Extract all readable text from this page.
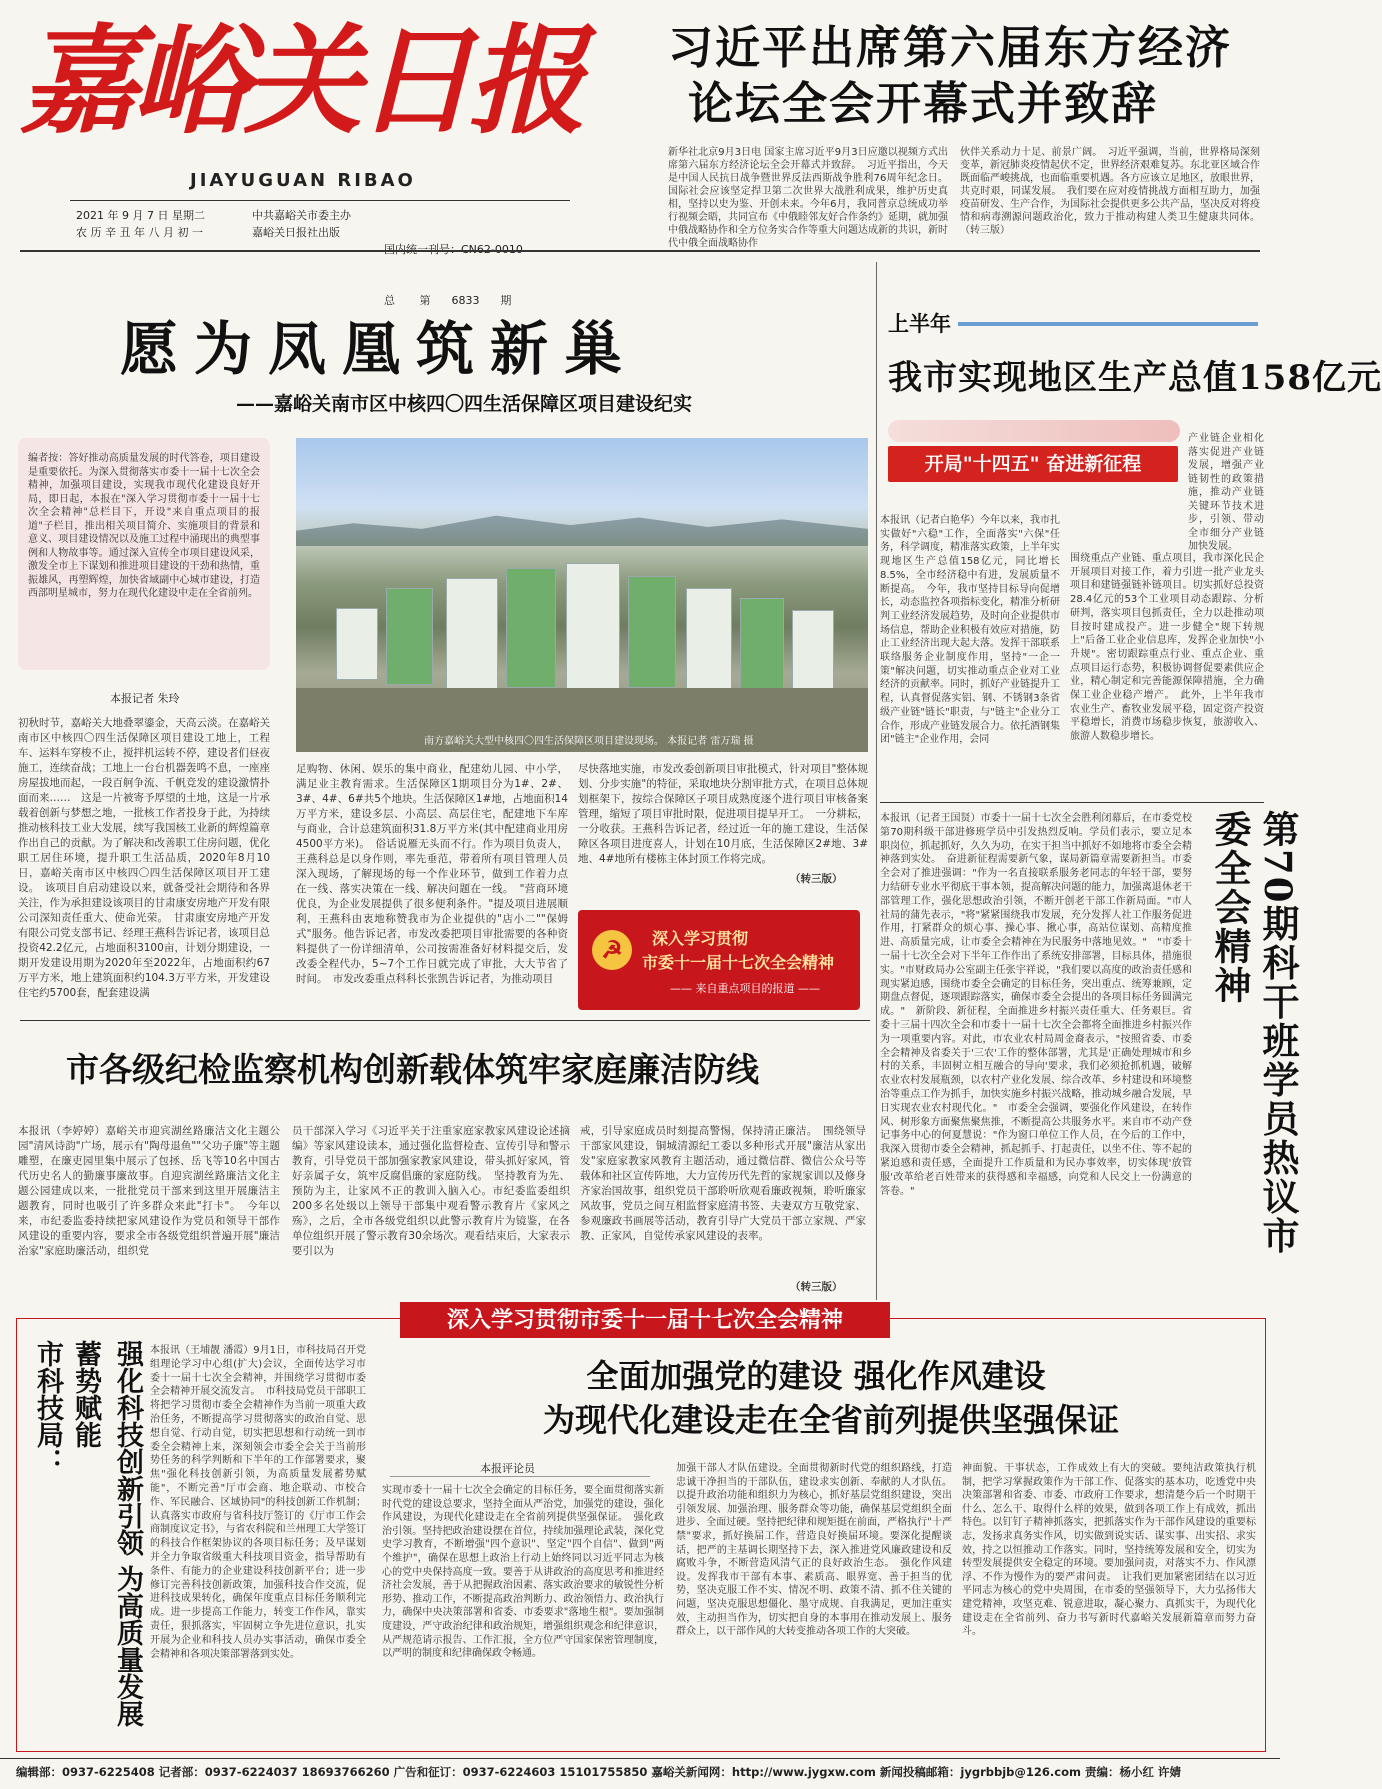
嘉峪关日报
JIAYUGUAN RIBAO
2021 年 9 月 7 日 星期二
农 历 辛 丑 年 八 月 初 一
中共嘉峪关市委主办
嘉峪关日报社出版

总       第      6833      期

习近平出席第六届东方经济
论坛全会开幕式并致辞
新华社北京9月3日电 国家主席习近平9月3日应邀以视频方式出席第六届东方经济论坛全会开幕式并致辞。　习近平指出，今天是中国人民抗日战争暨世界反法西斯战争胜利76周年纪念日。国际社会应该坚定捍卫第二次世界大战胜利成果，维护历史真相，坚持以史为鉴、开创未来。今年6月，我同普京总统成功举行视频会晤，共同宣布《中俄睦邻友好合作条约》延期，就加强中俄战略协作和全方位务实合作等重大问题达成新的共识，新时代中俄全面战略协作
伙伴关系动力十足、前景广阔。　习近平强调，当前，世界格局深刻变革，新冠肺炎疫情起伏不定，世界经济艰难复苏。东北亚区域合作既面临严峻挑战，也面临重要机遇。各方应该立足地区，放眼世界，共克时艰，同谋发展。　我们要在应对疫情挑战方面相互助力，加强疫苗研发、生产合作，为国际社会提供更多公共产品，坚决反对将疫情和病毒溯源问题政治化，致力于推动构建人类卫生健康共同体。（转三版）
愿为凤凰筑新巢
——嘉峪关南市区中核四〇四生活保障区项目建设纪实
编者按：答好推动高质量发展的时代答卷，项目建设是重要依托。为深入贯彻落实市委十一届十七次全会精神，加强项目建设，实现我市现代化建设良好开局，即日起，本报在"深入学习贯彻市委十一届十七次全会精神"总栏目下，开设"来自重点项目的报道"子栏目，推出相关项目简介、实施项目的背景和意义、项目建设情况以及施工过程中涌现出的典型事例和人物故事等。通过深入宣传全市项目建设风采，激发全市上下谋划和推进项目建设的干劲和热情，重振雄风，再塑辉煌，加快省域副中心城市建设，打造西部明星城市，努力在现代化建设中走在全省前列。
本报记者 朱玲
南方嘉峪关大型中核四〇四生活保障区项目建设现场。 本报记者 雷万瑞 摄
初秋时节，嘉峪关大地叠翠鎏金，天高云淡。在嘉峪关南市区中核四〇四生活保障区项目建设工地上，工程车、运料车穿梭不止，搅拌机运转不停，建设者们昼夜施工，连续奋战；工地上一台台机器轰鸣不息，一座座房屋拔地而起，一段百舸争流、千帆竞发的建设激情扑面而来……　这是一片被寄予厚望的土地，这是一片承载着创新与梦想之地，一批核工作者投身于此，为持续推动核科技工业大发展，续写我国核工业新的辉煌篇章作出自己的贡献。为了解决和改善职工住房问题，优化职工居住环境，提升职工生活品质，2020年8月10日，嘉峪关南市区中核四〇四生活保障区项目开工建设。　该项目自启动建设以来，就备受社会期待和各界关注，作为承担建设该项目的甘肃康安房地产开发有限公司深知责任重大、使命光荣。　甘肃康安房地产开发有限公司党支部书记、经理王燕科告诉记者，该项目总投资42.2亿元，占地面积3100亩，计划分期建设，一期开发建设用期为2020年至2022年，占地面积约67万平方米，地上建筑面积约104.3万平方米，开发建设住宅约5700套，配套建设满
足购物、休闲、娱乐的集中商业，配建幼儿园、中小学，满足业主教育需求。生活保障区1期项目分为1#、2#、3#、4#、6#共5个地块。生活保障区1#地，占地面积14万平方米，建设多层、小高层、高层住宅，配建地下车库与商业，合计总建筑面积31.8万平方米(其中配建商业用房4500平方米)。　俗话说雁无头而不行。作为项目负责人，王燕科总是以身作则，率先垂范，带着所有项目管理人员深入现场，了解现场的每一个作业环节，做到工作着力点在一线、落实决策在一线、解决问题在一线。　"营商环境优良，为企业发展提供了很多便利条件。"提及项目进展顺利，王燕科由衷地称赞我市为企业提供的"店小二""保姆式"服务。他告诉记者，市发改委把项目审批需要的各种资料提供了一份详细清单，公司按需准备好材料提交后，发改委全程代办，5~7个工作日就完成了审批，大大节省了时间。　市发改委重点科科长张凯告诉记者，为推动项目
尽快落地实施，市发改委创新项目审批模式，针对项目"整体规划、分步实施"的特征，采取地块分割审批方式，在项目总体规划框架下，按综合保障区子项目成熟度逐个进行项目审核备案管理，缩短了项目审批时限，促进项目提早开工。　一分耕耘，一分收获。王燕科告诉记者，经过近一年的施工建设，生活保障区各项目进度喜人，计划在10月底，生活保障区2#地、3#地、4#地所有楼栋主体封顶工作将完成。
（转三版）
☭	深入学习贯彻
市委十一届十七次全会精神
—— 来自重点项目的报道 ——
上半年
我市实现地区生产总值158亿元
开局"十四五" 奋进新征程
产业链企业相化落实促进产业链发展，增强产业链韧性的政策措施，推动产业链关键环节技术进步，引领、带动全市细分产业链加快发展。
本报讯（记者白艳华）今年以来，我市扎实做好"六稳"工作，全面落实"六保"任务，科学调度，精准落实政策，上半年实现地区生产总值158亿元，同比增长8.5%，全市经济稳中有进，发展质量不断提高。　今年，我市坚持目标导向促增长，动态监控各项指标变化，精准分析研判工业经济发展趋势，及时向企业提供市场信息，帮助企业积极有效应对措施，防止工业经济出现大起大落。发挥干部联系联络服务企业制度作用，坚持"一企一策"解决问题，切实推动重点企业对工业经济的贡献率。同时，抓好产业链提升工程，认真督促落实铝、钢、不锈钢3条省级产业链"链长"职责，与"链主"企业分工合作，形成产业链发展合力。依托酒钢集团"链主"企业作用，会同
围绕重点产业链、重点项目，我市深化民企开展项目对接工作，着力引进一批产业龙头项目和建链强链补链项目。切实抓好总投资28.4亿元的53个工业项目动态跟踪、分析研判，落实项目包抓责任，全力以赴推动项目按时建成投产。进一步健全"规下转规上"后备工业企业信息库，发挥企业加快"小升规"。密切跟踪重点行业、重点企业、重点项目运行态势，积极协调督促要素供应企业，精心制定和完善能源保障措施，全力确保工业企业稳产增产。　此外，上半年我市农业生产、畜牧业发展平稳，固定资产投资平稳增长，消费市场稳步恢复，旅游收入、旅游人数稳步增长。
第70期科干班学员热议市委全会精神
本报讯（记者王国贤）市委十一届十七次全会胜利闭幕后，在市委党校第70期科级干部进修班学员中引发热烈反响。学员们表示，要立足本职岗位，抓起抓好，久久为功，在实干担当中抓好不如地将市委全会精神落到实处。　奋进新征程需要新气象，谋局新篇章需要新担当。市委全会对了推进强调："作为一名直接联系服务老同志的年轻干部，要努力结研专业水平彻底干事本领，提高解决问题的能力，加强离退休老干部管理工作，强化思想政治引领，不断开创老干部工作新局面。"市人社局的蒲先表示，"将"紧紧围绕我市发展，充分发挥人社工作服务促进作用，打紧群众的烦心事、操心事、揪心事，高站位谋划、高精度推进、高质量完成，让市委全会精神在为民服务中落地见效。"　"市委十一届十七次全会对下半年工作作出了系统安排部署，目标具体，措施很实。"市财政局办公室副主任张宇祥说，"我们要以高度的政治责任感和现实紧迫感，围绕市委全会确定的目标任务，突出重点、统筹兼顾，定期盘点督促，逐项跟踪落实，确保市委全会提出的各项目标任务圆满完成。"　新阶段、新征程，全面推进乡村振兴责任重大、任务艰巨。省委十三届十四次全会和市委十一届十七次全会都将全面推进乡村振兴作为一项重要内容。对此，市农业农村局周金裔表示，"按照省委、市委全会精神及省委关于'三农'工作的整体部署，尤其是'正确处理城市和乡村的关系，丰固树立相互融合的导向'要求，我们必须抢抓机遇，破解农业农村发展瓶颈，以农村产业化发展、综合改革、乡村建设和环境整治等重点工作为抓手，加快实施乡村振兴战略，推动城乡融合发展，早日实现农业农村现代化。"　市委全会强调，要强化作风建设，在转作风、树形象方面聚焦聚焦推，不断提高公共服务水平。来自市不动产登记事务中心的何夏慧说："作为窗口单位工作人员，在今后的工作中，我深入贯彻市委全会精神，抓起抓手、打起责任，以坐不住、等不起的紧迫感和责任感，全面提升工作质量和为民办事效率，切实体现'放管服'改革给老百姓带来的获得感和幸福感，向党和人民交上一份满意的答卷。"
市各级纪检监察机构创新载体筑牢家庭廉洁防线
本报讯（李婷婷）嘉峪关市迎宾湖丝路廉洁文化主题公园"清风诗韵"广场，展示有"陶母退鱼""父功子廉"等主题雕塑，在廉吏园里集中展示了包拯、岳飞等10名中国古代历史名人的勤廉事廉故事。自迎宾湖丝路廉洁文化主题公园建成以来，一批批党员干部来到这里开展廉洁主题教育，同时也吸引了许多群众来此"打卡"。　今年以来，市纪委监委持续把家风建设作为党员和领导干部作风建设的重要内容，要求全市各级党组织普遍开展"廉洁治家"家庭助廉活动，组织党
员干部深入学习《习近平关于注重家庭家教家风建设论述摘编》等家风建设读本，通过强化监督检查、宣传引导和警示教育，引导党员干部加强家教家风建设，带头抓好家风，管好亲属子女，筑牢反腐倡廉的家庭防线。　坚持教育为先、预防为主，让家风不正的教训入脑入心。市纪委监委组织200多名处级以上领导干部集中观看警示教育片《家风之殇》，之后，全市各级党组织以此警示教育片为镜鉴，在各单位组织开展了警示教育30余场次。观看结束后，大家表示要引以为
戒，引导家庭成员时刻提高警惕，保持清正廉洁。　围绕领导干部家风建设，铜城清源纪工委以多种形式开展"廉洁从家出发"家庭家教家风教育主题活动，通过微信群、微信公众号等载体和社区宣传阵地，大力宣传历代先哲的家规家训以及修身齐家治国故事，组织党员干部聆听欣观看廉政视频，聆听廉家风故事，党员之间互相监督家庭清书签、夫妻双方互敬党家、参观廉政书画展等活动，教育引导广大党员干部立家规、严家教、正家风，自觉传承家风建设的表率。
（转三版）
深入学习贯彻市委十一届十七次全会精神
市科技局：	强化科技创新引领 为高质量发展蓄势赋能	本报讯（王埔靓 潘霞）9月1日，市科技局召开党组理论学习中心组(扩大)会议，全面传达学习市委十一届十七次全会精神，并围绕学习贯彻市委全会精神开展交流发言。　市科技局党员干部职工将把学习贯彻市委全会精神作为当前一项重大政治任务，不断提高学习贯彻落实的政治自觉、思想自觉、行动自觉，切实把思想和行动统一到市委全会精神上来，深刻领会市委全会关于当前形势任务的科学判断和下半年的工作部署要求，聚焦"强化科技创新引领，为高质量发展蓄势赋能"，不断完善"厅市会商、地企联动、市校合作、军民融合、区域协同"的科技创新工作机制；认真落实市政府与省科技厅签订的《厅市工作会商制度议定书》，与省农科院和兰州理工大学签订的科技合作框架协议的各项目标任务；及早谋划并全力争取省级重大科技项目资金，指导帮助有条件、有能力的企业建设科技创新平台；进一步修订完善科技创新政策，加强科技合作交流，促进科技成果转化，确保年度重点目标任务顺利完成。进一步提高工作能力，转变工作作风，靠实责任，狠抓落实，牢固树立争先进位意识，扎实开展为企业和科技人员办实事活动，确保市委全会精神和各项决策部署落到实处。
全面加强党的建设 强化作风建设
为现代化建设走在全省前列提供坚强保证
本报评论员
实现市委十一届十七次全会确定的目标任务，要全面贯彻落实新时代党的建设总要求，坚持全面从严治党，加强党的建设，强化作风建设，为现代化建设走在全省前列提供坚强保证。　强化政治引领。坚持把政治建设摆在首位，持续加强理论武装，深化党史学习教育，不断增强"四个意识"、坚定"四个自信"、做到"两个维护"，确保在思想上政治上行动上始终同以习近平同志为核心的党中央保持高度一致。要善于从讲政治的高度思考和推进经济社会发展，善于从把握政治因素、落实政治要求的敏锐性分析形势、推动工作，不断提高政治判断力、政治领悟力、政治执行力，确保中央决策部署和省委、市委要求"落地生根"。要加强制度建设，严守政治纪律和政治规矩，增强组织观念和纪律意识，从严规范请示报告、工作汇报，全方位严守国家保密管理制度，以严明的制度和纪律确保政令畅通。
加强干部人才队伍建设。全面贯彻新时代党的组织路线，打造忠诚干净担当的干部队伍，建设求实创新、奉献的人才队伍。以提升政治功能和组织力为核心，抓好基层党组织建设，突出引领发展、加强治理、服务群众等功能，确保基层党组织全面进步、全面过硬。坚持把纪律和规矩挺在前面，严格执行"十严禁"要求，抓好换届工作，营造良好换届环境。要深化提醒谈话，把严的主基调长期坚持下去，深入推进党风廉政建设和反腐败斗争，不断营造风清气正的良好政治生态。　强化作风建设。发挥我市干部有本事、素质高、眼界宽、善于担当的优势，坚决克服工作不实、情况不明、政策不清、抓不住关键的问题，坚决克服思想僵化、墨守成规、自我满足，更加注重实效，主动担当作为，切实把自身的本事用在推动发展上、服务群众上，以干部作风的大转变推动各项工作的大突破。
神面貌、干事状态，工作成效上有大的突破。要纯洁政策执行机制，把学习掌握政策作为干部工作、促落实的基本功，吃透党中央决策部署和省委、市委、市政府工作要求，想清楚今后一个时期干什么、怎么干、取得什么样的效果，做到各项工作上有成效，抓出特色。以钉钉子精神抓落实，把抓落实作为干部作风建设的重要标志，发扬求真务实作风，切实做到说实话、谋实事、出实招、求实效，持之以恒推动工作落实。同时，坚持统筹发展和安全，切实为转型发展提供安全稳定的环境。要加强问责，对落实不力、作风漂浮、不作为慢作为的要严肃问责。　让我们更加紧密团结在以习近平同志为核心的党中央周围，在市委的坚强领导下，大力弘扬伟大建党精神，攻坚克难、锐意进取，凝心聚力、真抓实干，为现代化建设走在全省前列、奋力书写新时代嘉峪关发展新篇章而努力奋斗。
编辑部：0937-6225408 记者部：0937-6224037 18693766260 广告和征订：0937-6224603 15101755850 嘉峪关新闻网：http://www.jygxw.com 新闻投稿邮箱：jygrbbjb@126.com 责编：杨小红 许婧
